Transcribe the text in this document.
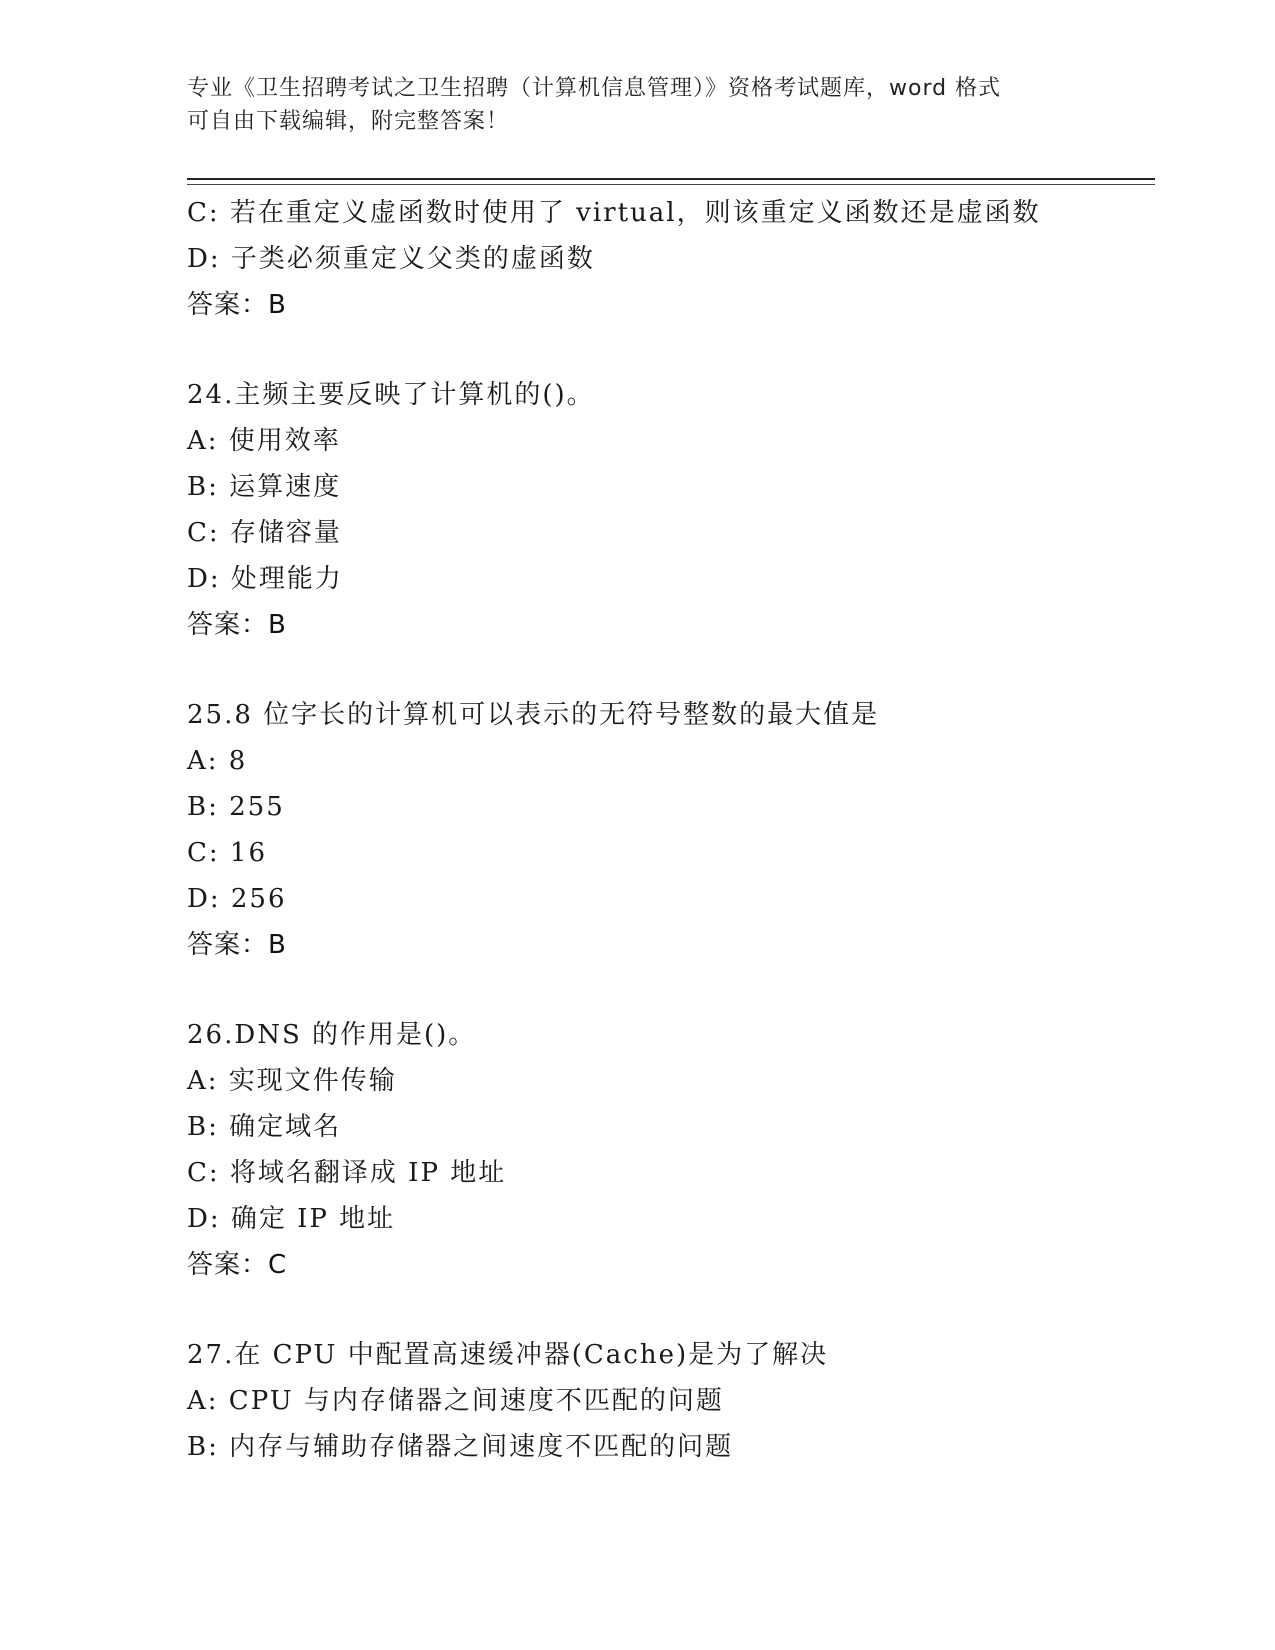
专业《卫生招聘考试之卫生招聘（计算机信息管理）》资格考试题库，word 格式
可自由下载编辑，附完整答案！
C: 若在重定义虚函数时使用了 virtual，则该重定义函数还是虚函数
D: 子类必须重定义父类的虚函数
答案：B
24.主频主要反映了计算机的()。
A: 使用效率
B: 运算速度
C: 存储容量
D: 处理能力
答案：B
25.8 位字长的计算机可以表示的无符号整数的最大值是
A: 8
B: 255
C: 16
D: 256
答案：B
26.DNS 的作用是()。
A: 实现文件传输
B: 确定域名
C: 将域名翻译成 IP 地址
D: 确定 IP 地址
答案：C
27.在 CPU 中配置高速缓冲器(Cache)是为了解决
A: CPU 与内存储器之间速度不匹配的问题
B: 内存与辅助存储器之间速度不匹配的问题
